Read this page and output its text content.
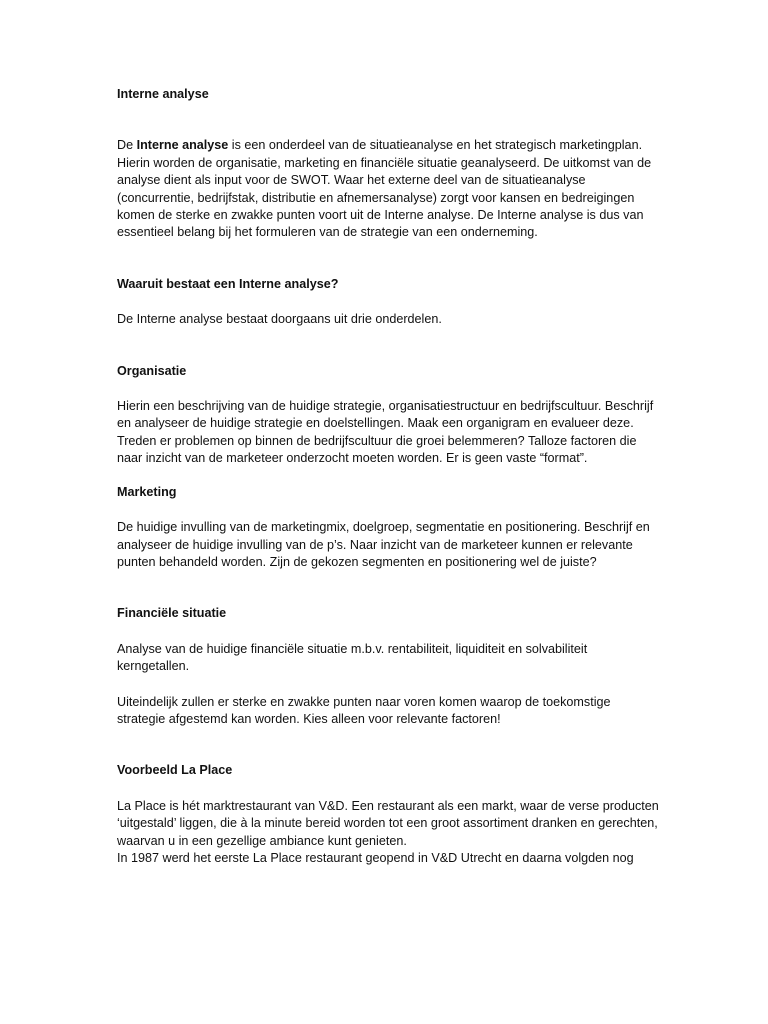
Interne analyse

De Interne analyse is een onderdeel van de situatieanalyse en het strategisch marketingplan. Hierin worden de organisatie, marketing en financiële situatie geanalyseerd. De uitkomst van de analyse dient als input voor de SWOT. Waar het externe deel van de situatieanalyse (concurrentie, bedrijfstak, distributie en afnemersanalyse) zorgt voor kansen en bedreigingen komen de sterke en zwakke punten voort uit de Interne analyse. De Interne analyse is dus van essentieel belang bij het formuleren van de strategie van een onderneming.

Waaruit bestaat een Interne analyse?

De Interne analyse bestaat doorgaans uit drie onderdelen.

Organisatie

Hierin een beschrijving van de huidige strategie, organisatiestructuur en bedrijfscultuur. Beschrijf en analyseer de huidige strategie en doelstellingen. Maak een organigram en evalueer deze. Treden er problemen op binnen de bedrijfscultuur die groei belemmeren? Talloze factoren die naar inzicht van de marketeer onderzocht moeten worden. Er is geen vaste “format”.

Marketing

De huidige invulling van de marketingmix, doelgroep, segmentatie en positionering. Beschrijf en analyseer de huidige invulling van de p’s. Naar inzicht van de marketeer kunnen er relevante punten behandeld worden. Zijn de gekozen segmenten en positionering wel de juiste?

Financiële situatie

Analyse van de huidige financiële situatie m.b.v. rentabiliteit, liquiditeit en solvabiliteit kerngetallen.

Uiteindelijk zullen er sterke en zwakke punten naar voren komen waarop de toekomstige strategie afgestemd kan worden. Kies alleen voor relevante factoren!

Voorbeeld La Place

La Place is hét marktrestaurant van V&D. Een restaurant als een markt, waar de verse producten ‘uitgestald’ liggen, die à la minute bereid worden tot een groot assortiment dranken en gerechten, waarvan u in een gezellige ambiance kunt genieten.

In 1987 werd het eerste La Place restaurant geopend in V&D Utrecht en daarna volgden nog
